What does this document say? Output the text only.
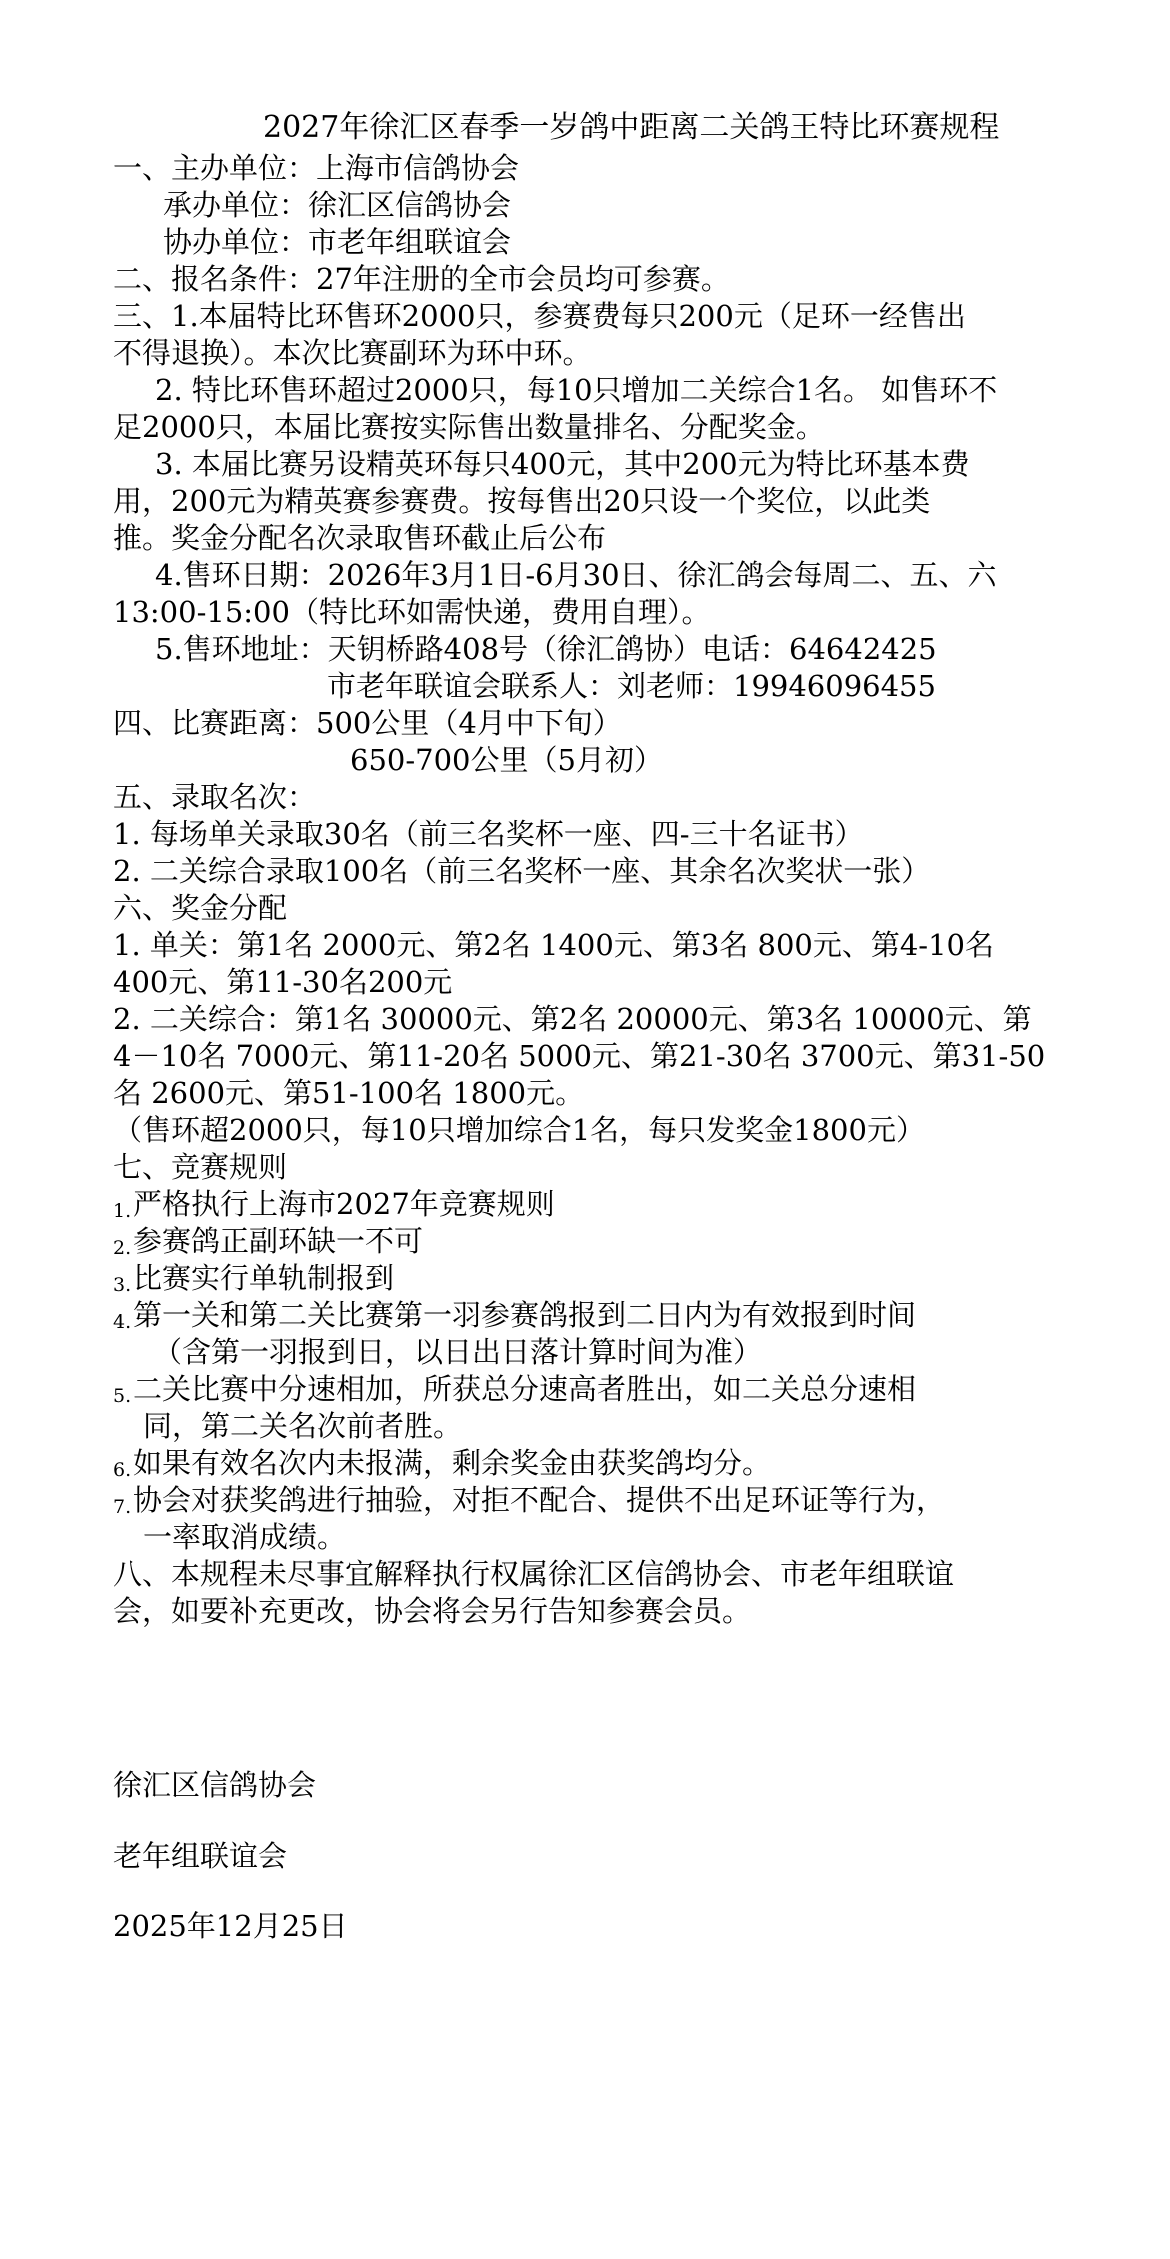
2027年徐汇区春季一岁鸽中距离二关鸽王特比环赛规程
一、主办单位：上海市信鸽协会
承办单位：徐汇区信鸽协会
协办单位：市老年组联谊会
二、报名条件：27年注册的全市会员均可参赛。
三、1.本届特比环售环2000只，参赛费每只200元（足环一经售出
不得退换）。本次比赛副环为环中环。
2. 特比环售环超过2000只，每10只增加二关综合1名。 如售环不
足2000只，本届比赛按实际售出数量排名、分配奖金。
3. 本届比赛另设精英环每只400元，其中200元为特比环基本费
用，200元为精英赛参赛费。按每售出20只设一个奖位，以此类
推。奖金分配名次录取售环截止后公布
4.售环日期：2026年3月1日-6月30日、徐汇鸽会每周二、五、六
13:00-15:00（特比环如需快递，费用自理）。
5.售环地址：天钥桥路408号（徐汇鸽协）电话：64642425
市老年联谊会联系人：刘老师：19946096455
四、比赛距离：500公里（4月中下旬）
650-700公里（5月初）
五、录取名次：
1. 每场单关录取30名（前三名奖杯一座、四-三十名证书）
2. 二关综合录取100名（前三名奖杯一座、其余名次奖状一张）
六、奖金分配
1. 单关：第1名 2000元、第2名 1400元、第3名 800元、第4-10名
400元、第11-30名200元
2. 二关综合：第1名 30000元、第2名 20000元、第3名 10000元、第
4－10名 7000元、第11-20名 5000元、第21-30名 3700元、第31-50
名 2600元、第51-100名 1800元。
（售环超2000只，每10只增加综合1名，每只发奖金1800元）
七、竞赛规则
1. 严格执行上海市2027年竞赛规则
2. 参赛鸽正副环缺一不可
3. 比赛实行单轨制报到
4. 第一关和第二关比赛第一羽参赛鸽报到二日内为有效报到时间
（含第一羽报到日，以日出日落计算时间为准）
5. 二关比赛中分速相加，所获总分速高者胜出，如二关总分速相
同，第二关名次前者胜。
6. 如果有效名次内未报满，剩余奖金由获奖鸽均分。
7. 协会对获奖鸽进行抽验，对拒不配合、提供不出足环证等行为，
一率取消成绩。
八、本规程未尽事宜解释执行权属徐汇区信鸽协会、市老年组联谊
会，如要补充更改，协会将会另行告知参赛会员。
徐汇区信鸽协会
老年组联谊会
2025年12月25日
